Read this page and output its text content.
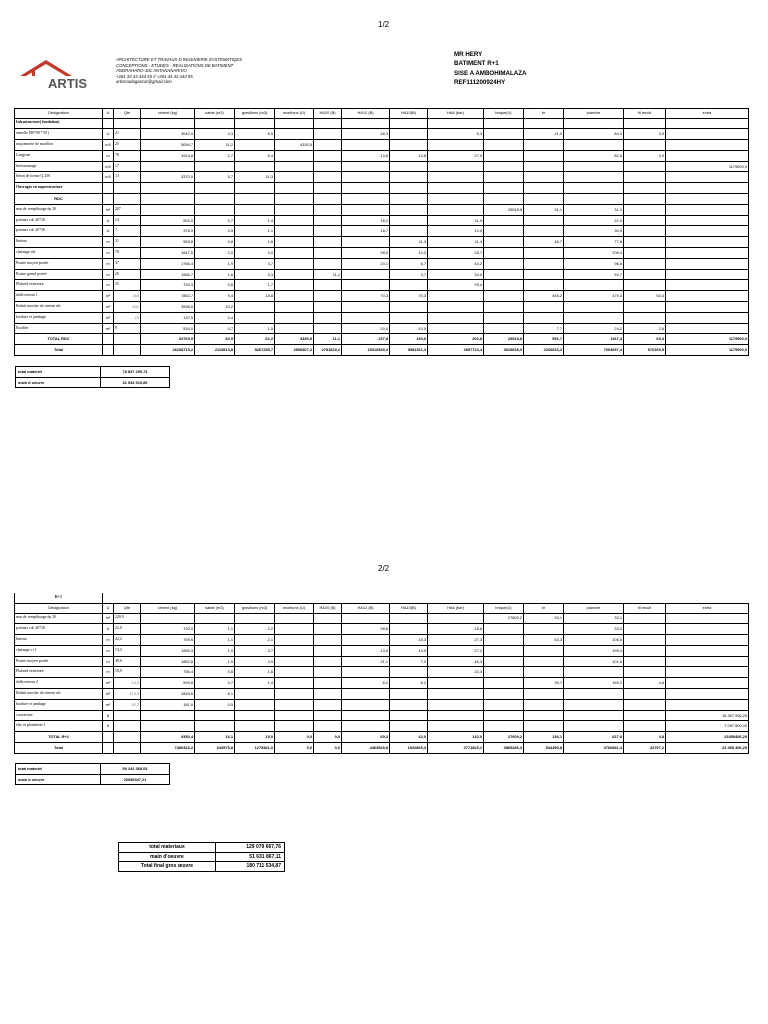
1/2
ARTIS
ARCHITECTURE ET TRAVAUX D INGENIERIE SYSTEMATIQES
CONCEPTIONS - ETUDES - REALISATIONS DE BATIMENT
ANDRAHARO-101 ANTANANARIVO
+261 33 43 444 55 // +261 34 43 444 55
artismadagascar@gmail.com
MR HERY
BATIMENT R+1
SISE A AMBOHIMALAZA
REF111200924HY
Désignation	U	Qté	ciment (kg)	sable (m3)	gravillons (m3)	moellons (U)	HA20 (B)	HA12 (B)	HA10(B)	HA6 (bar)	brique(U)	br	planche	fil recuit	extra
Infrastructure( fondation)															
semelle (90*90 *30 )	U	21	3042,9	4,3	8,5			48,3		5,3		21,0	84,0	3,5	
maçonnerie de moellon	m3	25	5094,7	11,2		4330,5									
Longrine	m	78	1914,8	2,7	5,4			13,8	13,8	27,9			82,6	3,9	
herissonnage	m3	17													1179500,0
béton de forme Q 250	m3	13	3370,0	5,7	11,3										
Ouvrages en superstructure															
RDC															
mur de remplissage ép 20	m²	207									25918,8	31,1	31,1		
poteaux rdc 20*20	U	14	504,0	0,7	1,4			18,2		11,9			21,0		
poteaux rdc 20*30	U	7	378,0	0,5	1,1			18,7		10,0			30,5		
linteau	m	31	559,8	0,8	1,6				11,3	11,4		46,7	77,8		
chainage rdc	m	78	1647,5	2,0	4,0			28,5	14,3	28,7			206,4		
Poutre moyen portée	m	37	1766,4	1,9	3,7			20,1	6,7	44,2			96,8		
Poutre grand portée	m	20	1566,7	1,6	3,3		11,1		3,7	34,0			53,7		
Plafond extereure	m	25	793,3	0,8	1,7					29,4					
dalle niveau 1	m²	160	7852,7	9,4	18,8			70,3	70,3			445,2	479,3	53,4	
Enduit mortier de ciment rdc	m²	600	3598,5	10,2											
bordure et jambage	m²	23	137,5	0,4											
Escalier	m²	8	534,0	0,7	1,5			20,0	10,0			7,7	24,2	2,6	
TOTAL RDC			32760,9	52,9	62,2	4330,5	11,1	237,8	130,0	202,8	25918,8	551,7	1167,4	63,4	1179500,0
Total			26208715,2	2115813,8	5267255,7	2598307,2	2781818,2	15316528,3	5981511,3	3957724,4	3628635,0	2206633,2	7004697,4	570169,9	1179500,0
total materiel	78 837 299,73
main d oeuvre	31 534 919,89
2/2
R+1															
Désignation	U	Qté	ciment (kg)	sable (m3)	gravillons (m3)	moellons (U)	HA20 (B)	HA12 (B)	HA10(B)	HA6 (bar)	brique(U)	br	planche	fil recuit	extra
mur de remplissage ép 20	m²	220,9									27609,2	33,1	33,1		
poteaux rdc 20*20	U	22,0	792,0	1,1	2,2			28,6		18,8			33,0		
linteau	m	42,2	759,6	1,1	2,1				15,3	27,3		63,3	105,5		
chainage r+1	m	74,3	1559,3	1,9	3,7			13,5	13,5	27,2			195,4		
Poutre moyen portée	m	38,6	1852,8	1,9	3,9			21,1	7,0	46,3			101,6		
Plafond extereure	m	18,9	756,4	0,8	1,6					22,4					
dalle niveau 2	m²	14,3	599,8	0,7	1,4			6,2	6,2			39,7	159,2	4,8	
Enduit mortier de ciment rdc	m²	474,9	2849,6	8,1											
bordure et jambage	m²	30,2	181,0	0,5											
couverture	ft														16 357 906,25
elec et plomberie 1	ft														7 097 500,00
TOTAL R+1			9350,4	16,1	15,0	0,0	0,0	69,3	42,0	142,0	27609,2	136,1	627,8	4,8	23455406,25
Total			7480323,2	643575,8	1275461,0	0,0	0,0	4463545,8	1932865,3	2771825,1	3865286,3	544390,8	3766891,4	42797,2	23 455 406,25
total materiel	50 242 368,03
main d oeuvre	20096947,21
total materiaux	129 079 667,76
main d'oeuvre	51 631 867,11
Total final gros œuvre	180 711 534,87
